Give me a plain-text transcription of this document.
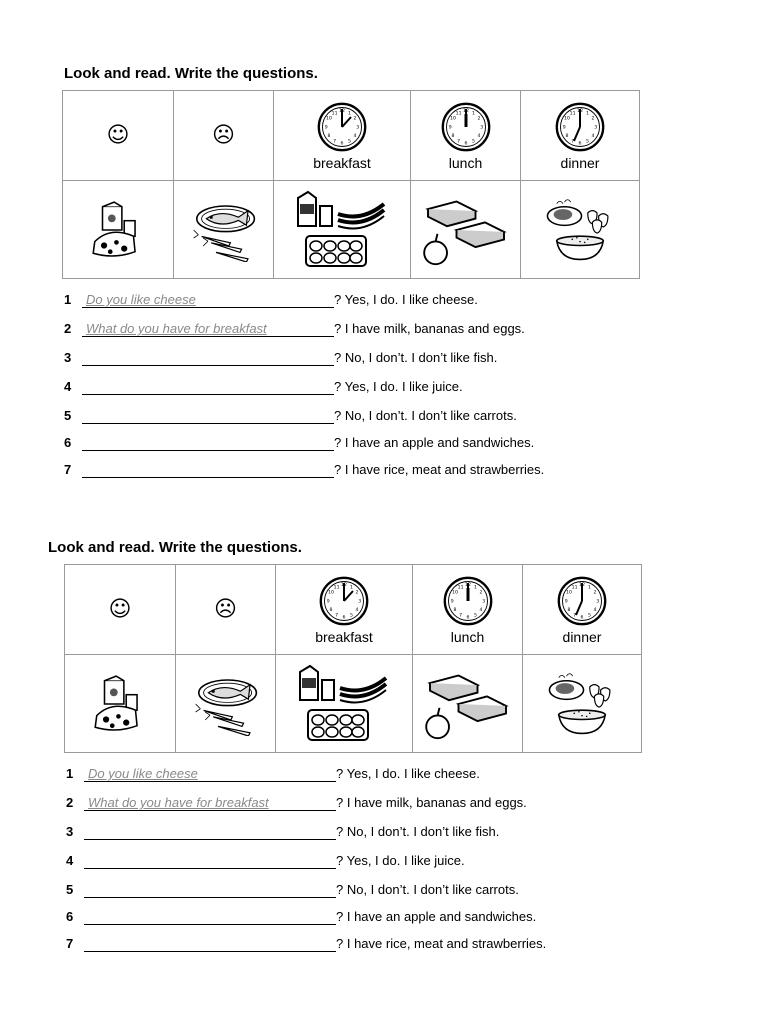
Look and read. Write the questions.
☺	☹	breakfast	lunch	dinner

1 Do you like cheese	? Yes, I do. I like cheese.
2 What do you have for breakfast	? I have milk, bananas and eggs.
3	? No, I don’t. I don’t like fish.
4	? Yes, I do. I like juice.
5	? No, I don’t. I don’t like carrots.
6	? I have an apple and sandwiches.
7	? I have rice, meat and strawberries.
Look and read. Write the questions.
☺	☹	breakfast	lunch	dinner

1 Do you like cheese	? Yes, I do. I like cheese.
2 What do you have for breakfast	? I have milk, bananas and eggs.
3	? No, I don’t. I don’t like fish.
4	? Yes, I do. I like juice.
5	? No, I don’t. I don’t like carrots.
6	? I have an apple and sandwiches.
7	? I have rice, meat and strawberries.
